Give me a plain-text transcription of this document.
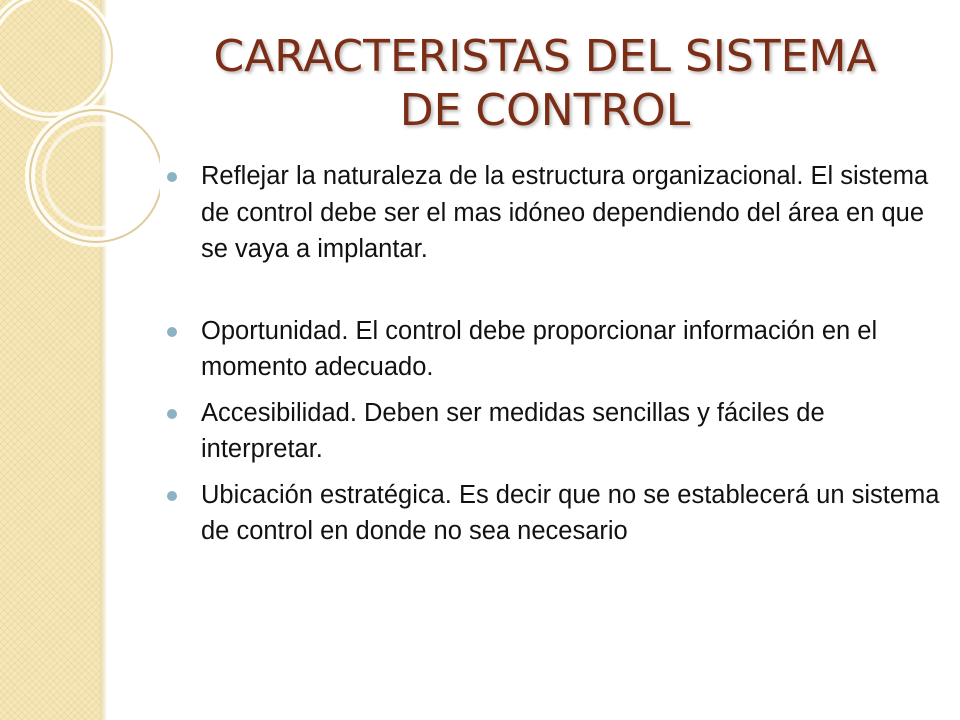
CARACTERISTAS DEL SISTEMA
DE CONTROL
Reflejar la naturaleza de la estructura organizacional. El sistema de control debe ser el mas idóneo dependiendo del área en que se vaya a implantar.
Oportunidad. El control debe proporcionar información en el momento adecuado.
Accesibilidad. Deben ser medidas sencillas y fáciles de interpretar.
Ubicación estratégica. Es decir que no se establecerá un sistema de control en donde no sea necesario
